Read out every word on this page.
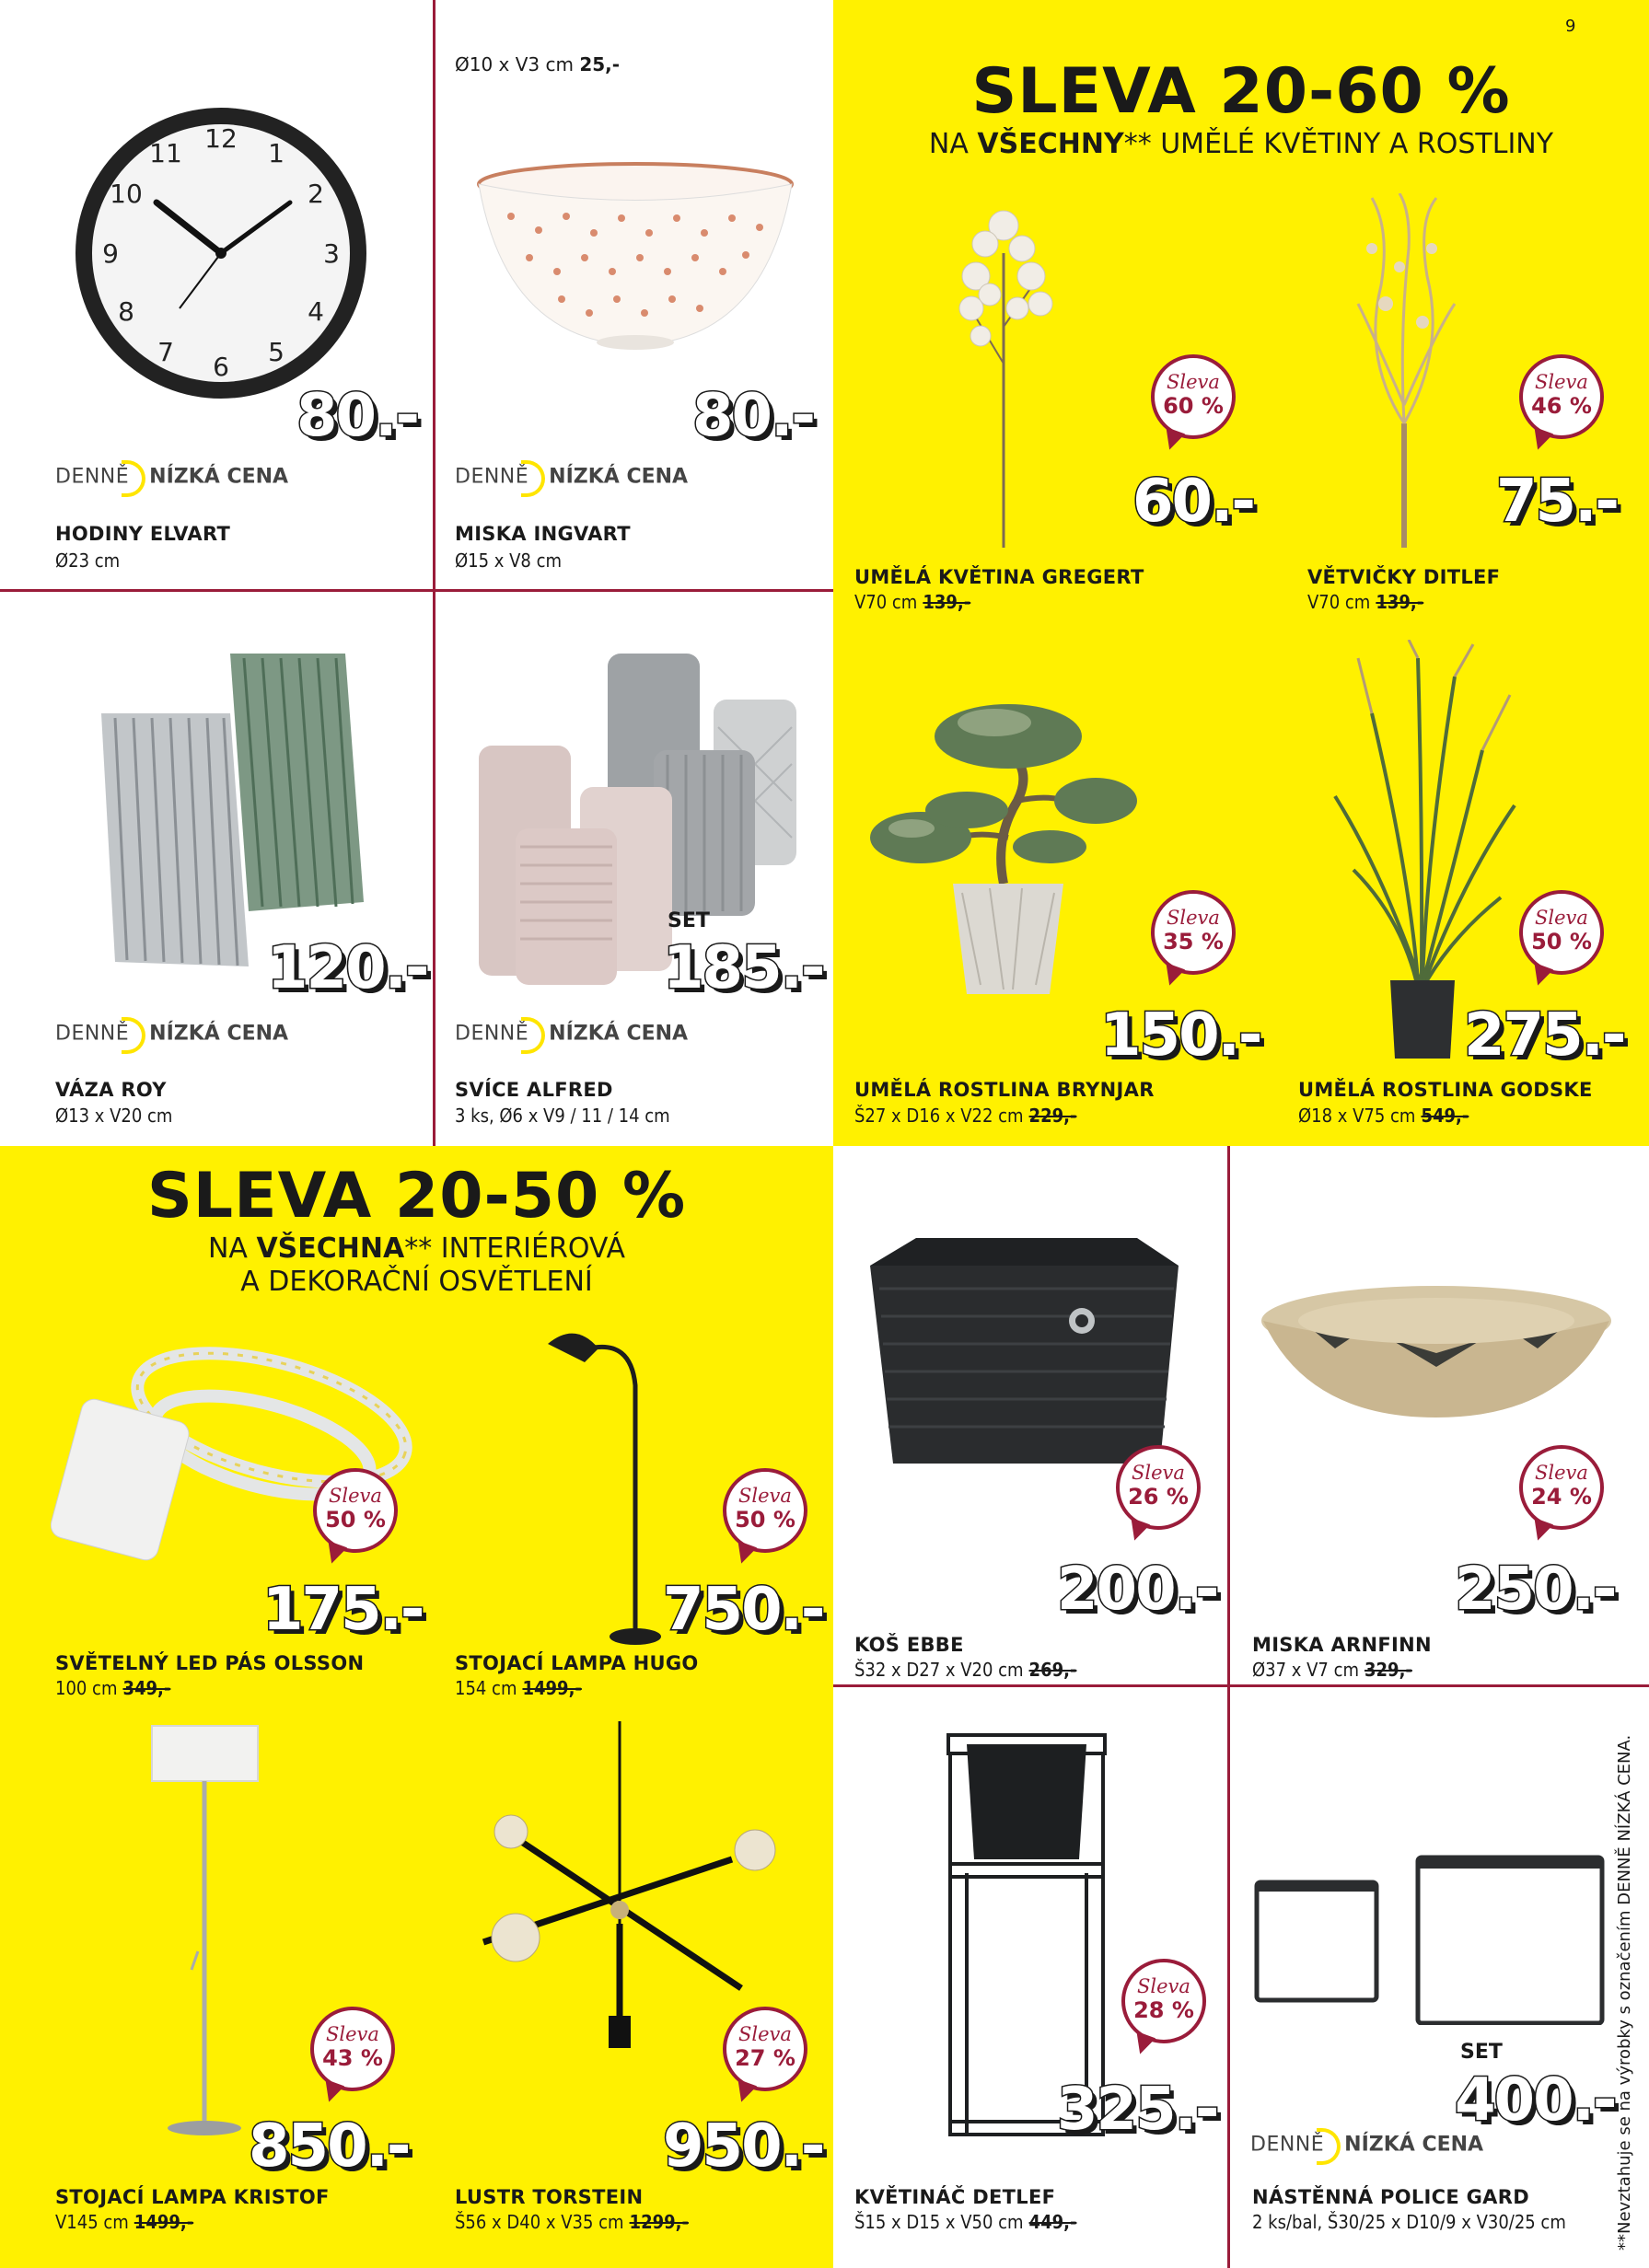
9
SLEVA 20-60 %
NA VŠECHNY** UMĚLÉ KVĚTINY A ROSTLINY
SLEVA 20-50 %
NA VŠECHNA** INTERIÉROVÁ
A DEKORAČNÍ OSVĚTLENÍ
12 1
2
3
4
5
6
7
8
9
10
11
80.-
DENNĚ NÍZKÁ CENA
HODINY ELVART
Ø23 cm
Ø10 x V3 cm 25,-
80.-
DENNĚ NÍZKÁ CENA
MISKA INGVART
Ø15 x V8 cm
Sleva
60 %
60.-
UMĚLÁ KVĚTINA GREGERT
V70 cm 139,-
Sleva
46 %
75.-
VĚTVIČKY DITLEF
V70 cm 139,-
120.-
DENNĚ NÍZKÁ CENA
VÁZA ROY
Ø13 x V20 cm
SET
185.-
DENNĚ NÍZKÁ CENA
SVÍCE ALFRED
3 ks, Ø6 x V9 / 11 / 14 cm
Sleva
35 %
150.-
UMĚLÁ ROSTLINA BRYNJAR
Š27 x D16 x V22 cm 229,-
Sleva
50 %
275.-
UMĚLÁ ROSTLINA GODSKE
Ø18 x V75 cm 549,-
Sleva
50 %
175.-
SVĚTELNÝ LED PÁS OLSSON
100 cm 349,-
Sleva
50 %
750.-
STOJACÍ LAMPA HUGO
154 cm 1499,-
Sleva
26 %
200.-
KOŠ EBBE
Š32 x D27 x V20 cm 269,-
Sleva
24 %
250.-
MISKA ARNFINN
Ø37 x V7 cm 329,-
Sleva
43 %
850.-
STOJACÍ LAMPA KRISTOF
V145 cm 1499,-
Sleva
27 %
950.-
LUSTR TORSTEIN
Š56 x D40 x V35 cm 1299,-
Sleva
28 %
325.-
KVĚTINÁČ DETLEF
Š15 x D15 x V50 cm 449,-
SET
400.-
DENNĚ NÍZKÁ CENA
NÁSTĚNNÁ POLICE GARD
2 ks/bal, Š30/25 x D10/9 x V30/25 cm	**Nevztahuje se na výrobky s označením DENNĚ NÍZKÁ CENA.
